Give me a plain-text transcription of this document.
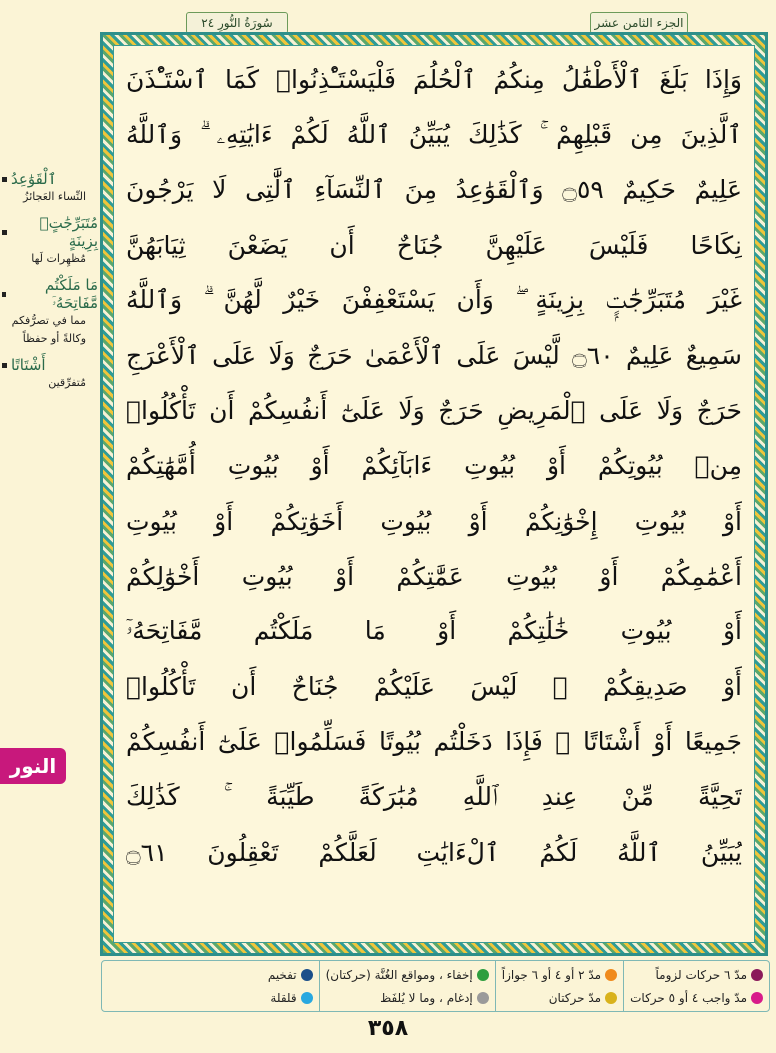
سُورَةُ النُّورِ ٢٤	الجزء الثامن عشر
وَإِذَا بَلَغَ ٱلْأَطْفَٰلُ مِنكُمُ ٱلْحُلُمَ فَلْيَسْتَـْٔذِنُوا۟ كَمَا ٱسْتَـْٔذَنَ
ٱلَّذِينَ مِن قَبْلِهِمْ ۚ كَذَٰلِكَ يُبَيِّنُ ٱللَّهُ لَكُمْ ءَايَٰتِهِۦ ۗ وَٱللَّهُ
عَلِيمٌ حَكِيمٌ ۝٥٩ وَٱلْقَوَٰعِدُ مِنَ ٱلنِّسَآءِ ٱلَّٰتِى لَا يَرْجُونَ
نِكَاحًا فَلَيْسَ عَلَيْهِنَّ جُنَاحٌ أَن يَضَعْنَ ثِيَابَهُنَّ
غَيْرَ مُتَبَرِّجَٰتٍۭ بِزِينَةٍ ۖ وَأَن يَسْتَعْفِفْنَ خَيْرٌ لَّهُنَّ ۗ وَٱللَّهُ
سَمِيعٌ عَلِيمٌ ۝٦٠ لَّيْسَ عَلَى ٱلْأَعْمَىٰ حَرَجٌ وَلَا عَلَى ٱلْأَعْرَجِ
حَرَجٌ وَلَا عَلَى ٱلْمَرِيضِ حَرَجٌ وَلَا عَلَىٰٓ أَنفُسِكُمْ أَن تَأْكُلُوا۟
مِنۢ بُيُوتِكُمْ أَوْ بُيُوتِ ءَابَآئِكُمْ أَوْ بُيُوتِ أُمَّهَٰتِكُمْ
أَوْ بُيُوتِ إِخْوَٰنِكُمْ أَوْ بُيُوتِ أَخَوَٰتِكُمْ أَوْ بُيُوتِ
أَعْمَٰمِكُمْ أَوْ بُيُوتِ عَمَّٰتِكُمْ أَوْ بُيُوتِ أَخْوَٰلِكُمْ
أَوْ بُيُوتِ خَٰلَٰتِكُمْ أَوْ مَا مَلَكْتُم مَّفَاتِحَهُۥٓ
أَوْ صَدِيقِكُمْ ۚ لَيْسَ عَلَيْكُمْ جُنَاحٌ أَن تَأْكُلُوا۟
جَمِيعًا أَوْ أَشْتَاتًا ۚ فَإِذَا دَخَلْتُم بُيُوتًا فَسَلِّمُوا۟ عَلَىٰٓ أَنفُسِكُمْ
تَحِيَّةً مِّنْ عِندِ ٱللَّهِ مُبَٰرَكَةً طَيِّبَةً ۚ كَذَٰلِكَ
يُبَيِّنُ ٱللَّهُ لَكُمُ ٱلْءَايَٰتِ لَعَلَّكُمْ تَعْقِلُونَ ۝٦١
ٱلْقَوَٰعِدُ
النِّساء العَجائزُ
مُتَبَرِّجَٰتٍۭ بِزِينَةٍ
مُظهِرات لَها
مَا مَلَكْتُم مَّفَاتِحَهُۥٓ
مما في تصرُّفكم وكالةً أو حفظاً
أَشْتَاتًا
مُتفرِّقين
النور
مدّ ٦ حركات لزوماً
مدّ واجب ٤ أو ٥ حركات
مدّ ٢ أو ٤ أو ٦ جوازاً
مدّ حركتان
إخفاء ، ومواقع الغُنَّة (حركتان)
إدغام ، وما لا يُلفَظ
تفخيم
قلقلة
٣٥٨
